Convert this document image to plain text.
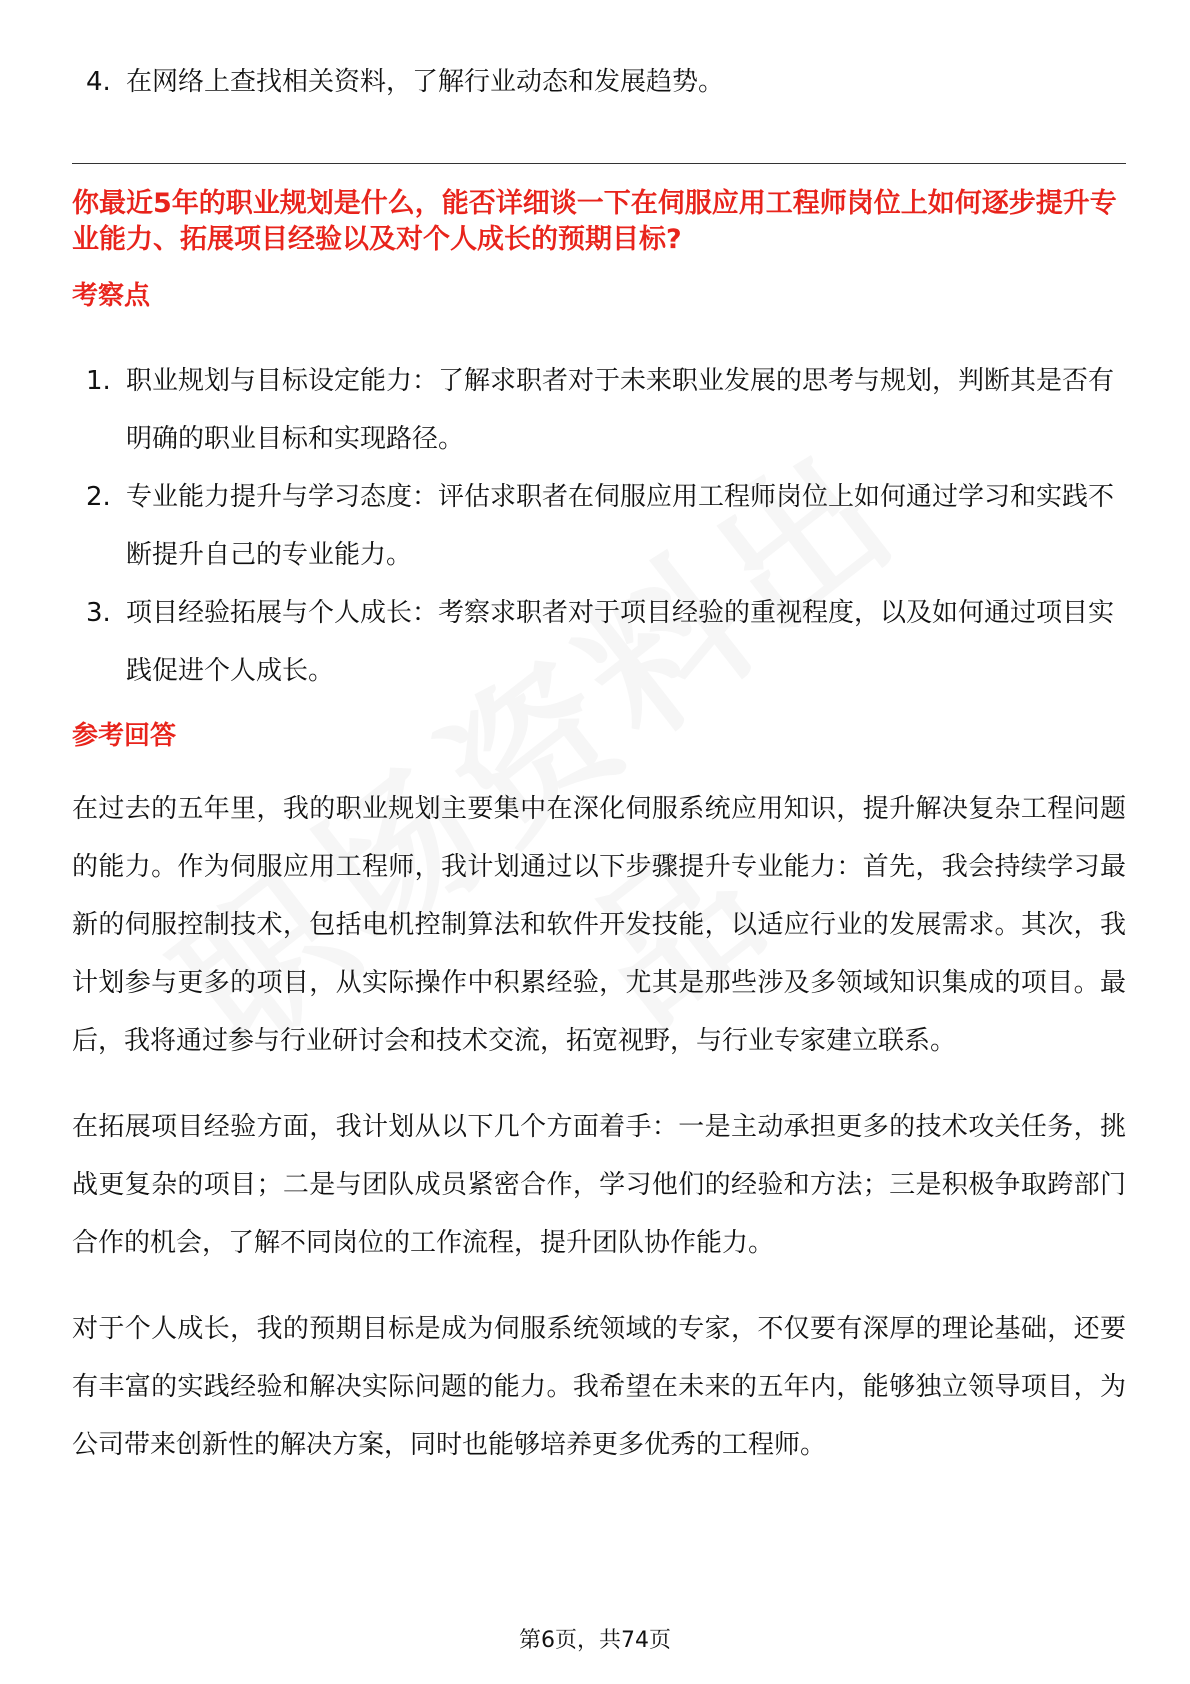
4. 在网络上查找相关资料，了解行业动态和发展趋势。
你最近5年的职业规划是什么，能否详细谈一下在伺服应用工程师岗位上如何逐步提升专业能力、拓展项目经验以及对个人成长的预期目标?
考察点
1. 职业规划与目标设定能力：了解求职者对于未来职业发展的思考与规划，判断其是否有明确的职业目标和实现路径。
2. 专业能力提升与学习态度：评估求职者在伺服应用工程师岗位上如何通过学习和实践不断提升自己的专业能力。
3. 项目经验拓展与个人成长：考察求职者对于项目经验的重视程度，以及如何通过项目实践促进个人成长。
参考回答

在过去的五年里，我的职业规划主要集中在深化伺服系统应用知识，提升解决复杂工程问题的能力。作为伺服应用工程师，我计划通过以下步骤提升专业能力：首先，我会持续学习最新的伺服控制技术，包括电机控制算法和软件开发技能，以适应行业的发展需求。其次，我计划参与更多的项目，从实际操作中积累经验，尤其是那些涉及多领域知识集成的项目。最后，我将通过参与行业研讨会和技术交流，拓宽视野，与行业专家建立联系。

在拓展项目经验方面，我计划从以下几个方面着手：一是主动承担更多的技术攻关任务，挑战更复杂的项目；二是与团队成员紧密合作，学习他们的经验和方法；三是积极争取跨部门合作的机会，了解不同岗位的工作流程，提升团队协作能力。

对于个人成长，我的预期目标是成为伺服系统领域的专家，不仅要有深厚的理论基础，还要有丰富的实践经验和解决实际问题的能力。我希望在未来的五年内，能够独立领导项目，为公司带来创新性的解决方案，同时也能够培养更多优秀的工程师。

第6页，共74页
